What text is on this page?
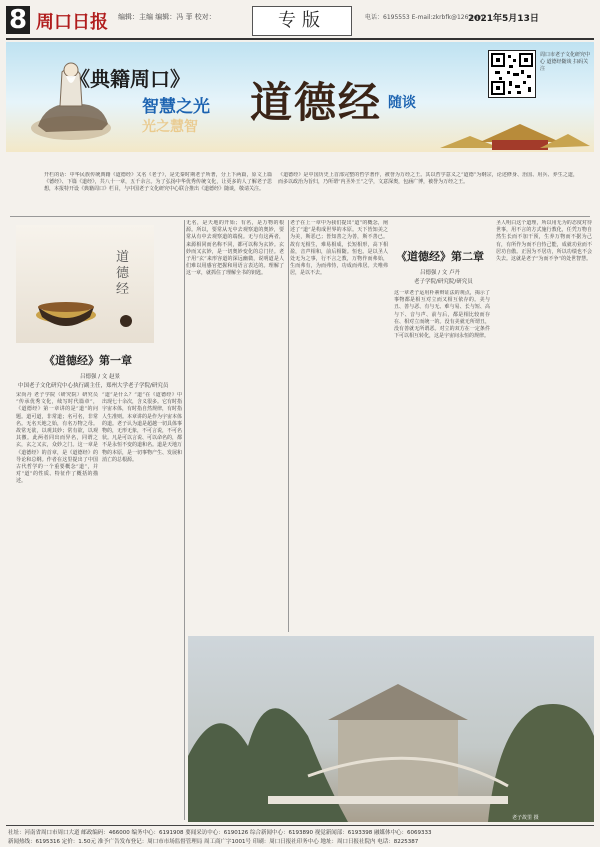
8 周口日报 编辑：主编 编辑：冯 菲 校对：	专版	电话：6195553 E-mail:zkrbfk@126.com
2021年5月13日
《典籍周口》
智慧之光
光之慧智 道德经 随谈
周口市老子文化研究中心 道德经随谈 扫码关注
开栏的话：中华民族传统典籍《道德经》又名《老子》，是先秦时期老子所著，分上下两篇，原文上篇《德经》、下篇《道经》，共八十一章，五千余言。为了弘扬中华优秀传统文化，让更多的人了解老子思想，本报特开设《典籍周口》栏目，与中国老子文化研究中心联合推出《道德经》随谈，敬请关注。
《道德经》是中国历史上首部完整的哲学著作，被誉为万经之王。其以哲学意义之“道德”为纲宗，论述修身、治国、用兵、养生之道，而多以政治为旨归，乃所谓“内圣外王”之学，文意深奥，包涵广博，被誉为万经之王。
道
德
经
《道德经》第一章
吕德强 / 文 赵景
中国老子文化研究中心执行副主任，郑州大学老子学院/研究员
宋尚丹 老子学院（研究院）研究员 “传承优秀文化，续写时代篇章”，《道德经》第一章讲的是“道”的问题。道可道，非常道；名可名，非常名。无名天地之始，有名万物之母。故常无欲，以观其妙；常有欲，以观其徼。此两者同出而异名，同谓之玄，玄之又玄，众妙之门。这一章是《道德经》的首章，是《道德经》的导论和总纲。作者在这里提出了中国古代哲学的一个重要概念“道”，并对“道”的性质、特征作了概括的描述。
“道”是什么？“道”在《道德经》中出现七十余次，含义很多。它有时指宇宙本体，有时指自然规律，有时指人生准则。本章讲的是作为宇宙本体的道。老子认为道是超越一切具体事物的，无形无象，不可言说，不可名状。凡是可以言说、可以命名的，都不是永恒不变的道和名。道是天地万物的本原，是一切事物产生、发展和消亡的总根源。
无名，是天地的开始；有名，是万物的根源。所以，要常从无中去观察道的奥妙，要常从有中去观察道的端倪。无与有这两者，来源相同而名称不同，都可以称为玄妙。玄妙而又玄妙，是一切奥妙变化的总门径。老子用“玄”来形容道的深远幽微，说明道是人们难以用感官把握和用语言表达的。理解了这一章，就抓住了理解全书的钥匙。
《道德经》第二章
吕德强 / 文 卢丹
老子学院/研究院/研究员
老子在上一章中为我们提出“道”的概念，阐述了“道”是构成世界的本原。天下皆知美之为美，斯恶已；皆知善之为善，斯不善已。故有无相生，难易相成，长短相形，高下相盈，音声相和，前后相随。恒也。是以圣人处无为之事，行不言之教，万物作而弗始，生而弗有，为而弗恃，功成而弗居。夫唯弗居，是以不去。
这一章老子运用朴素辩证法的观点，揭示了事物都是相互对立而又相互依存的。美与丑、善与恶、有与无、难与易、长与短、高与下、音与声、前与后，都是相比较而存在、相对立而统一的。没有美就无所谓丑，没有善就无所谓恶。对立的双方在一定条件下可以相互转化，这是宇宙间永恒的规律。
圣人明白这个道理，所以用无为的态度对待世事，用不言的方式施行教化，任凭万物自然生长而不加干预，生养万物而不据为己有，有所作为而不自恃己能，成就功业而不居功自傲。正因为不居功，所以功绩也不会失去。这就是老子“为而不争”的处世智慧。
老子故里 摄
社址：河南省周口市周口大道 邮政编码：466000 编务中心：6191908 要闻采访中心：6190126 综合新闻中心：6193890 视觉新闻部：6193398 融媒体中心：6069333
新闻热线：6195316 定价：1.50元 准予广告发布登记：周口市市场监督管理局 周工商广字1001号 印刷：周口日报社印务中心 地址：周口日报社院内 电话：8225387
